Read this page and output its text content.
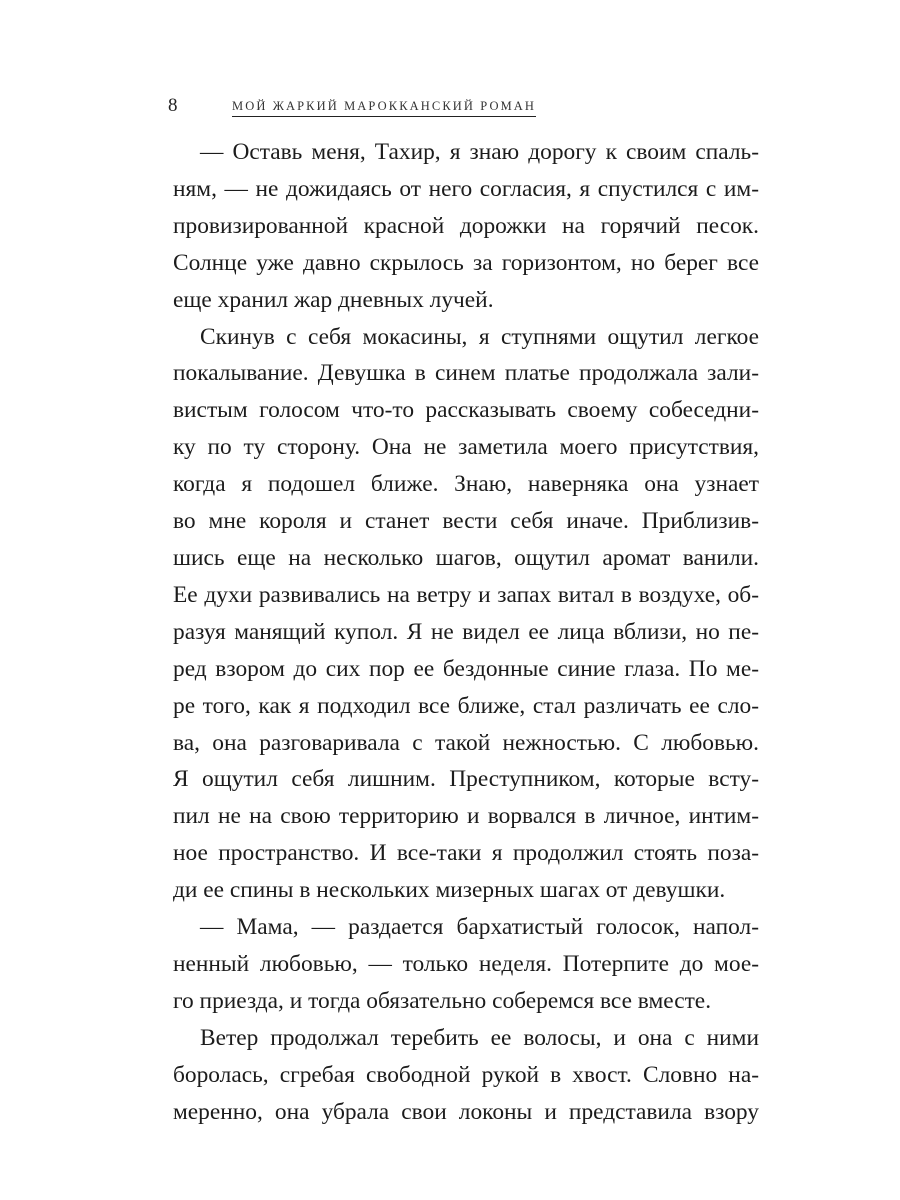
8	МОЙ ЖАРКИЙ МАРОККАНСКИЙ РОМАН
— Оставь меня, Тахир, я знаю дорогу к своим спаль-
ням, — не дожидаясь от него согласия, я спустился с им-
провизированной красной дорожки на горячий песок.
Солнце уже давно скрылось за горизонтом, но берег все
еще хранил жар дневных лучей.
Скинув с себя мокасины, я ступнями ощутил легкое
покалывание. Девушка в синем платье продолжала зали-
вистым голосом что-то рассказывать своему собеседни-
ку по ту сторону. Она не заметила моего присутствия,
когда я подошел ближе. Знаю, наверняка она узнает
во мне короля и станет вести себя иначе. Приблизив-
шись еще на несколько шагов, ощутил аромат ванили.
Ее духи развивались на ветру и запах витал в воздухе, об-
разуя манящий купол. Я не видел ее лица вблизи, но пе-
ред взором до сих пор ее бездонные синие глаза. По ме-
ре того, как я подходил все ближе, стал различать ее сло-
ва, она разговаривала с такой нежностью. С любовью.
Я ощутил себя лишним. Преступником, которые всту-
пил не на свою территорию и ворвался в личное, интим-
ное пространство. И все-таки я продолжил стоять поза-
ди ее спины в нескольких мизерных шагах от девушки.
— Мама, — раздается бархатистый голосок, напол-
ненный любовью, — только неделя. Потерпите до мое-
го приезда, и тогда обязательно соберемся все вместе.
Ветер продолжал теребить ее волосы, и она с ними
боролась, сгребая свободной рукой в хвост. Словно на-
меренно, она убрала свои локоны и представила взору
